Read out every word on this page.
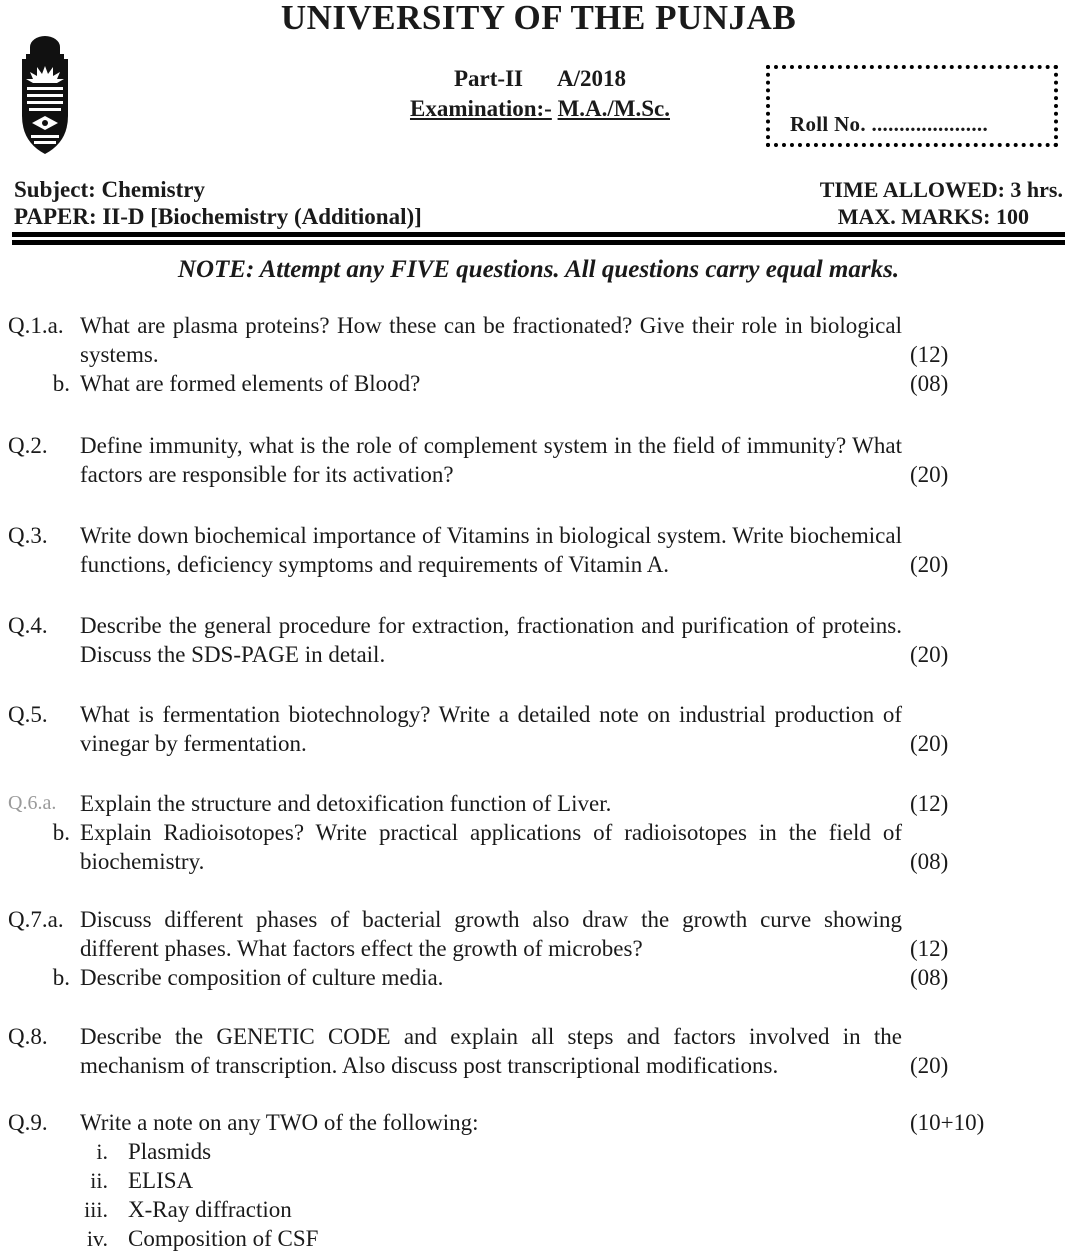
UNIVERSITY OF THE PUNJAB
Part-II A/2018
Examination:- M.A./M.Sc.
Roll No. .....................
Subject: Chemistry
PAPER: II-D [Biochemistry (Additional)]
TIME ALLOWED: 3 hrs.
MAX. MARKS: 100
NOTE: Attempt any FIVE questions. All questions carry equal marks.
Q.1.a. What are plasma proteins? How these can be fractionated? Give their role in biological systems.	(12)
b. What are formed elements of Blood?	(08)
Q.2.	Define immunity, what is the role of complement system in the field of immunity? What factors are responsible for its activation?	(20)
Q.3.	Write down biochemical importance of Vitamins in biological system. Write biochemical functions, deficiency symptoms and requirements of Vitamin A.	(20)
Q.4.	Describe the general procedure for extraction, fractionation and purification of proteins. Discuss the SDS-PAGE in detail.	(20)
Q.5.	What is fermentation biotechnology? Write a detailed note on industrial production of vinegar by fermentation.	(20)
Q.6.a.	Explain the structure and detoxification function of Liver.	(12)
b. Explain Radioisotopes? Write practical applications of radioisotopes in the field of biochemistry.	(08)
Q.7.a. Discuss different phases of bacterial growth also draw the growth curve showing different phases. What factors effect the growth of microbes?	(12)
b. Describe composition of culture media.	(08)
Q.8.	Describe the GENETIC CODE and explain all steps and factors involved in the mechanism of transcription. Also discuss post transcriptional modifications.	(20)
Q.9.	Write a note on any TWO of the following:	(10+10)
i. Plasmids
ii. ELISA
iii. X-Ray diffraction
iv. Composition of CSF
